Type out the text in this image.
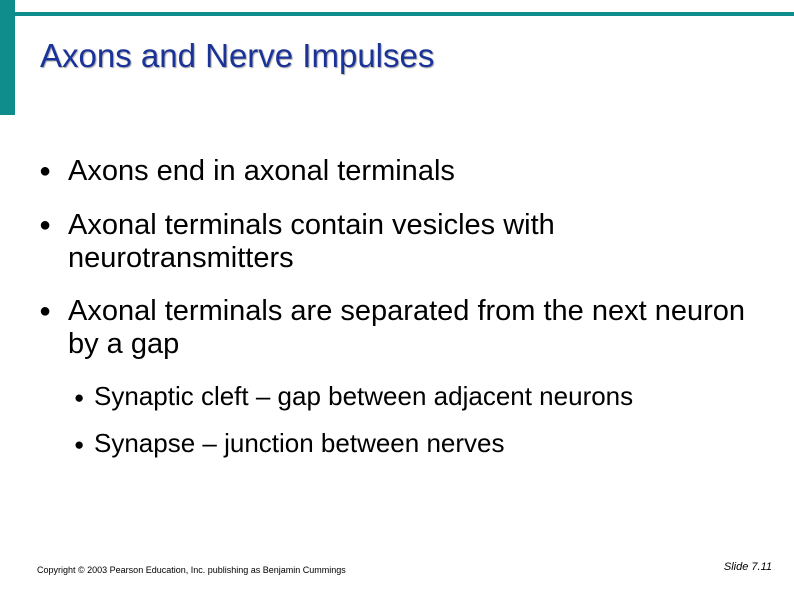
Axons and Nerve Impulses
● Axons end in axonal terminals
● Axonal terminals contain vesicles with neurotransmitters
● Axonal terminals are separated from the next neuron by a gap
● Synaptic cleft – gap between adjacent neurons
● Synapse – junction between nerves
Copyright © 2003 Pearson Education, Inc. publishing as Benjamin Cummings	Slide 7.11
